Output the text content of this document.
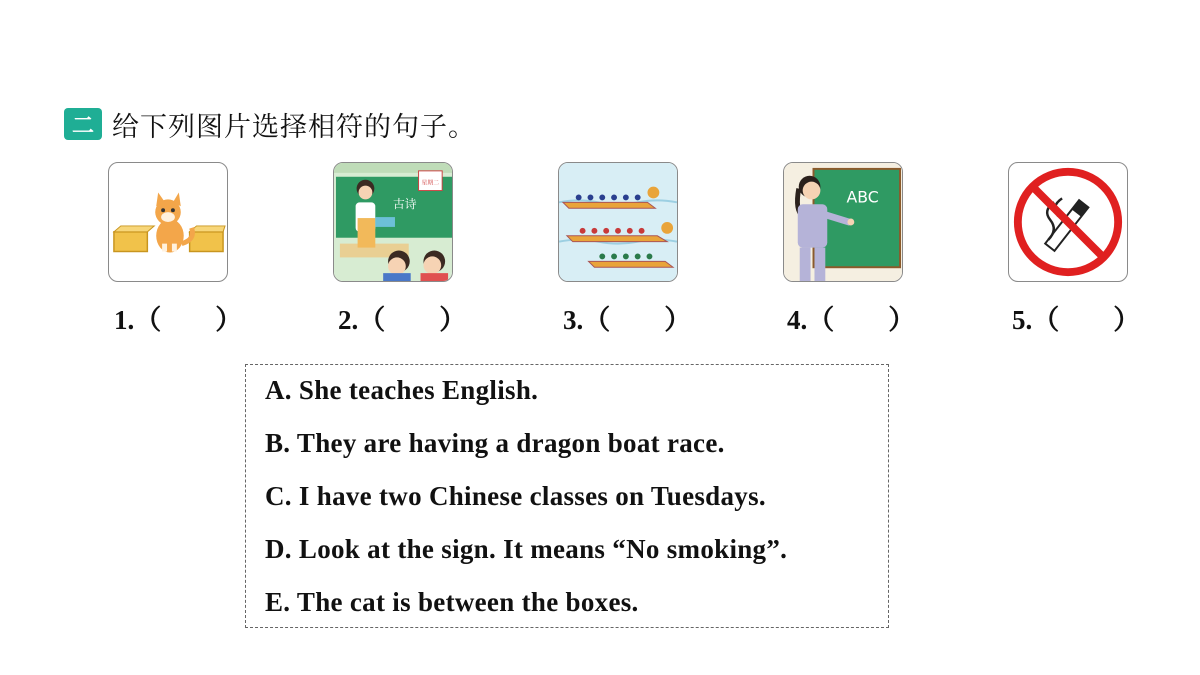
二 给下列图片选择相符的句子。
星期二
古诗	ABC
1.（　　）	2.（　　）	3.（　　）	4.（　　）	5.（　　）
A. She teaches English.
B. They are having a dragon boat race.
C. I have two Chinese classes on Tuesdays.
D. Look at the sign. It means “No smoking”.
E. The cat is between the boxes.
